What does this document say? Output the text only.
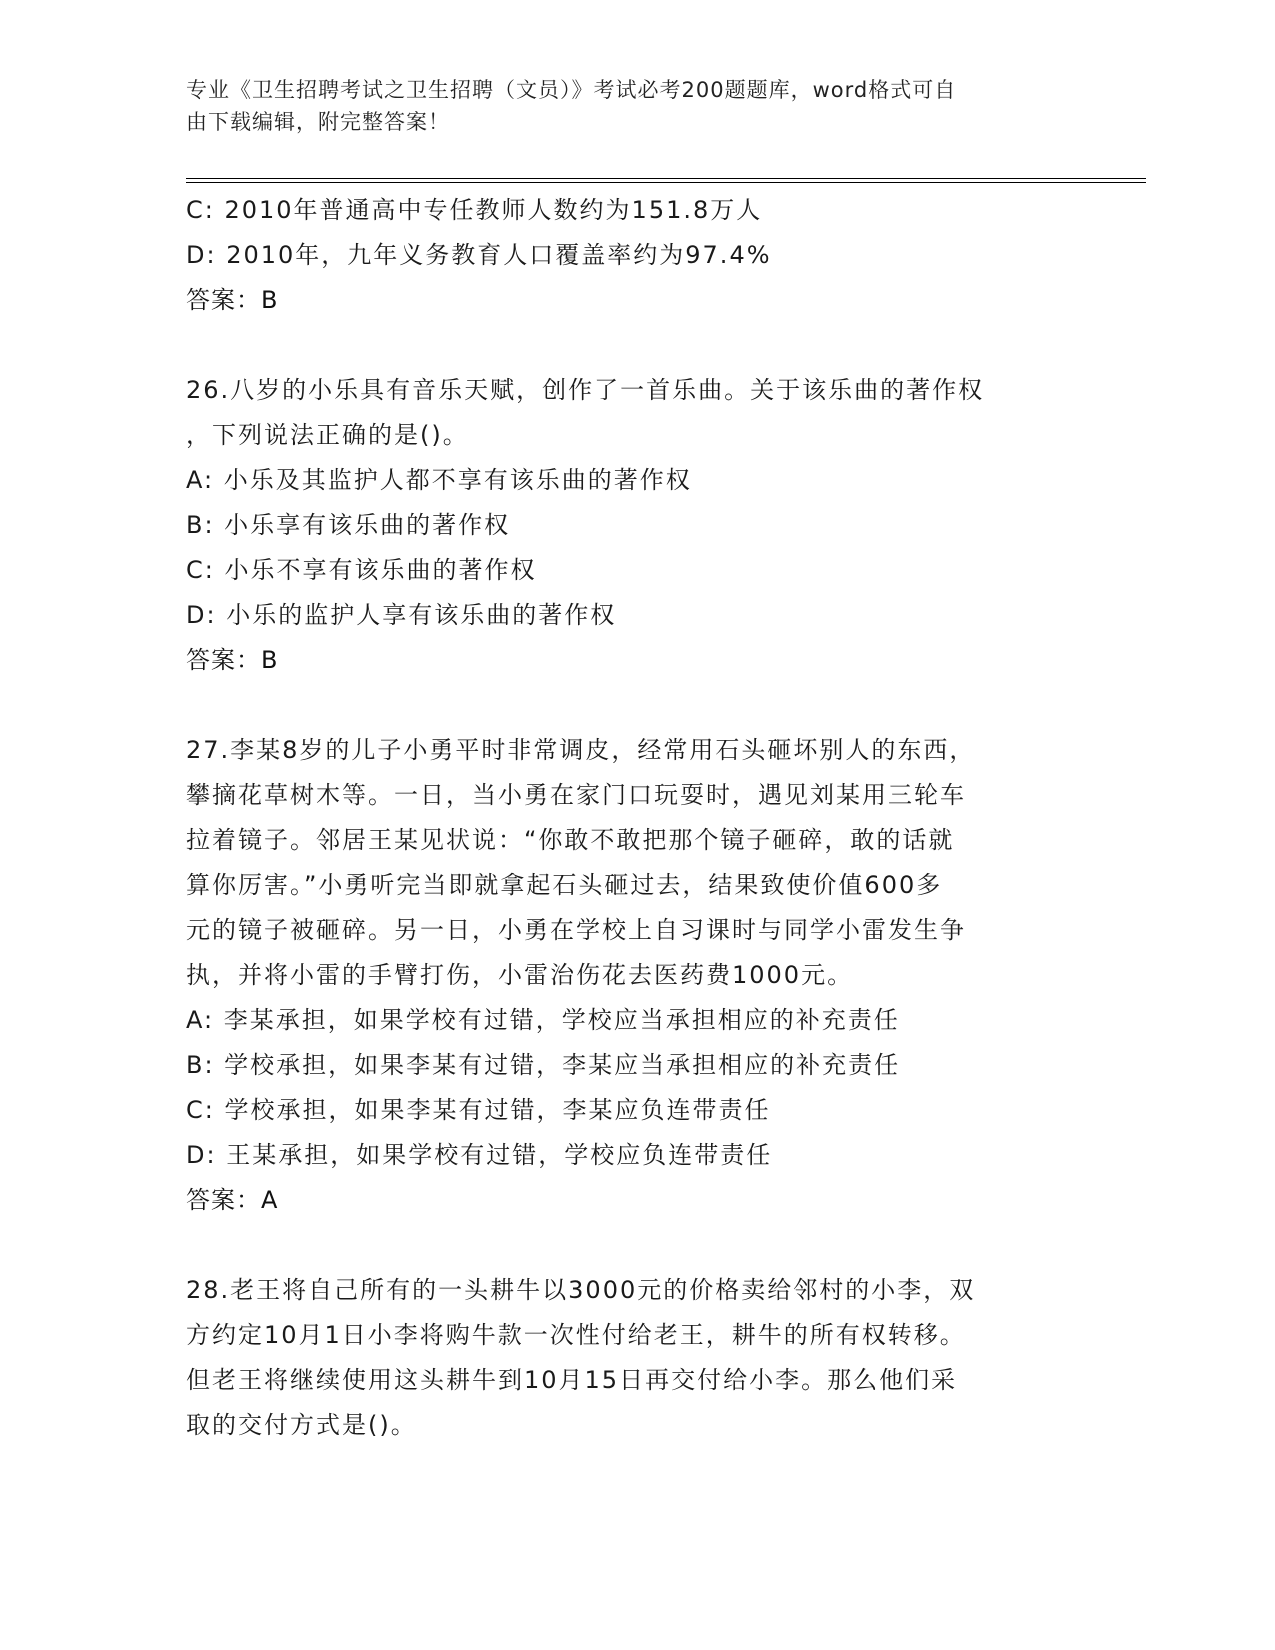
专业《卫生招聘考试之卫生招聘（文员）》考试必考200题题库，word格式可自
由下载编辑，附完整答案！
C: 2010年普通高中专任教师人数约为151.8万人
D: 2010年，九年义务教育人口覆盖率约为97.4%
答案：B
26.八岁的小乐具有音乐天赋，创作了一首乐曲。关于该乐曲的著作权
，下列说法正确的是()。
A: 小乐及其监护人都不享有该乐曲的著作权
B: 小乐享有该乐曲的著作权
C: 小乐不享有该乐曲的著作权
D: 小乐的监护人享有该乐曲的著作权
答案：B
27.李某8岁的儿子小勇平时非常调皮，经常用石头砸坏别人的东西，
攀摘花草树木等。一日，当小勇在家门口玩耍时，遇见刘某用三轮车
拉着镜子。邻居王某见状说：“你敢不敢把那个镜子砸碎，敢的话就
算你厉害。”小勇听完当即就拿起石头砸过去，结果致使价值600多
元的镜子被砸碎。另一日，小勇在学校上自习课时与同学小雷发生争
执，并将小雷的手臂打伤，小雷治伤花去医药费1000元。
A: 李某承担，如果学校有过错，学校应当承担相应的补充责任
B: 学校承担，如果李某有过错，李某应当承担相应的补充责任
C: 学校承担，如果李某有过错，李某应负连带责任
D: 王某承担，如果学校有过错，学校应负连带责任
答案：A
28.老王将自己所有的一头耕牛以3000元的价格卖给邻村的小李，双
方约定10月1日小李将购牛款一次性付给老王，耕牛的所有权转移。
但老王将继续使用这头耕牛到10月15日再交付给小李。那么他们采
取的交付方式是()。
